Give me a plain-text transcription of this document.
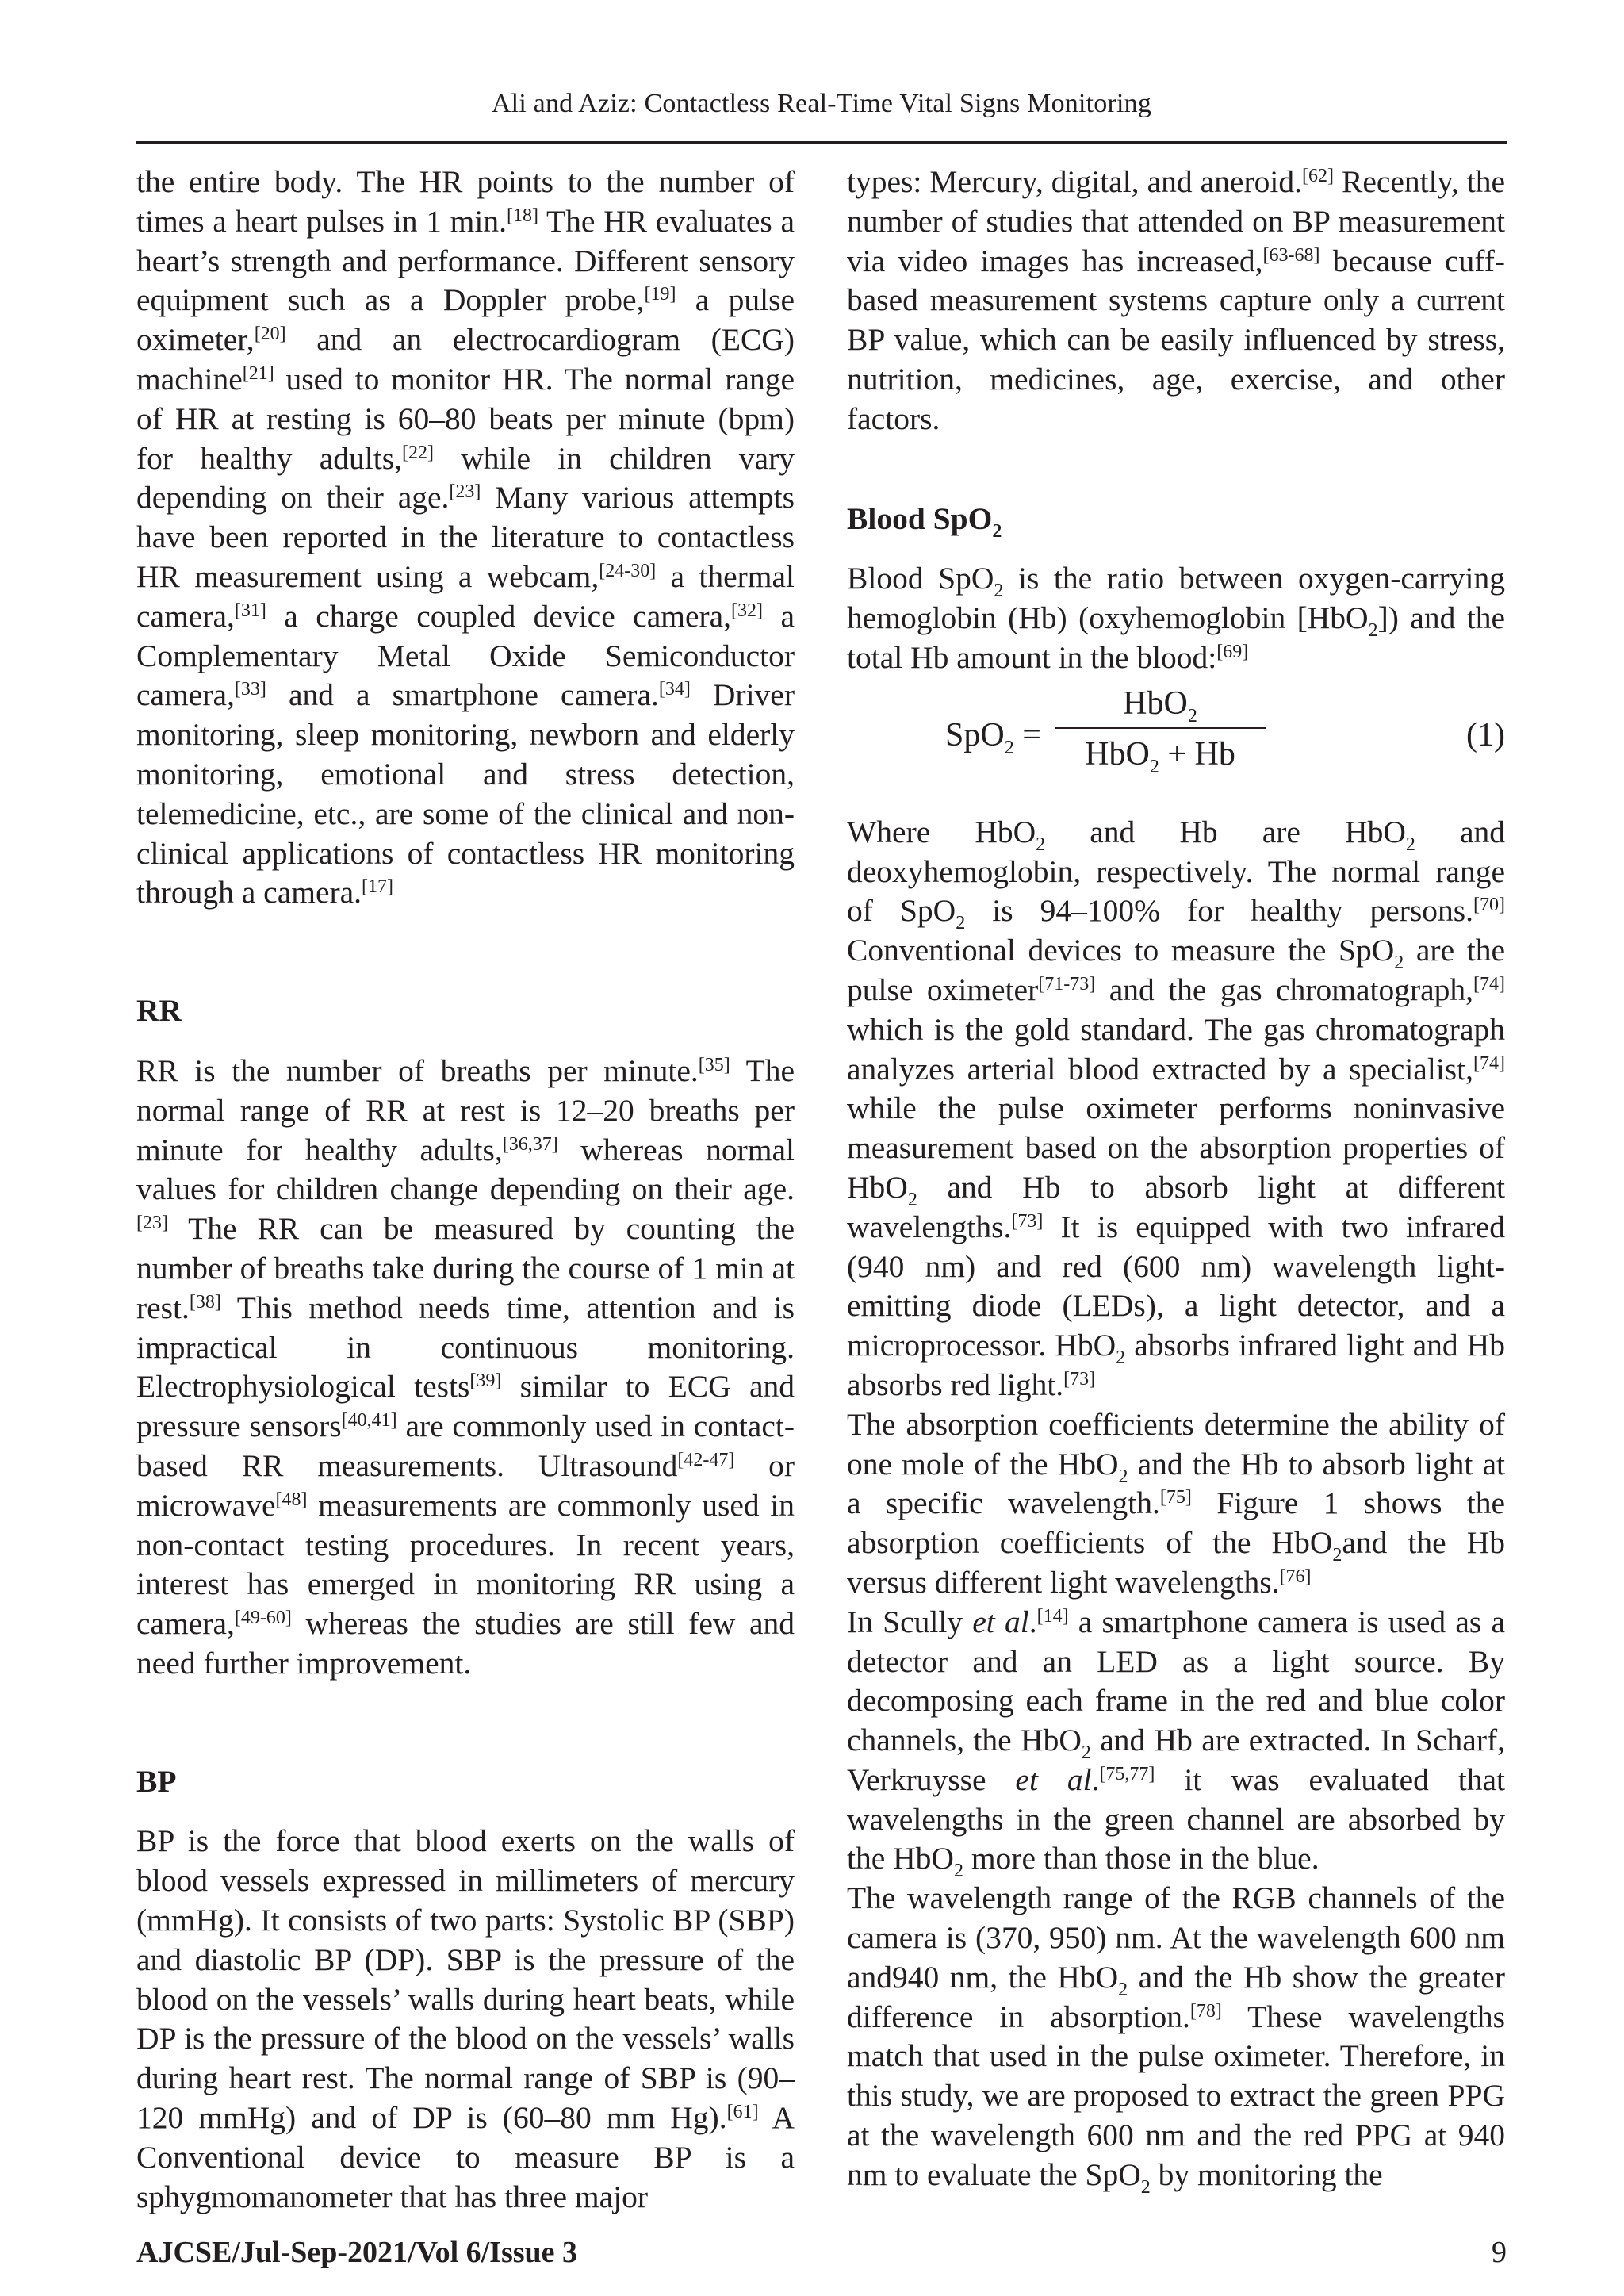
Ali and Aziz: Contactless Real-Time Vital Signs Monitoring

the entire body. The HR points to the number of times a heart pulses in 1 min.[18] The HR evaluates a heart’s strength and performance. Different sensory equipment such as a Doppler probe,[19] a pulse oximeter,[20] and an electrocardiogram (ECG) machine[21] used to monitor HR. The normal range of HR at resting is 60–80 beats per minute (bpm) for healthy adults,[22] while in children vary depending on their age.[23] Many various attempts have been reported in the literature to contactless HR measurement using a webcam,[24-30] a thermal camera,[31] a charge coupled device camera,[32] a Complementary Metal Oxide Semiconductor camera,[33] and a smartphone camera.[34] Driver monitoring, sleep monitoring, newborn and elderly monitoring, emotional and stress detection, telemedicine, etc., are some of the clinical and non-clinical applications of contactless HR monitoring through a camera.[17]

RR

RR is the number of breaths per minute.[35] The normal range of RR at rest is 12–20 breaths per minute for healthy adults,[36,37] whereas normal values for children change depending on their age.[23] The RR can be measured by counting the number of breaths take during the course of 1 min at rest.[38] This method needs time, attention and is impractical in continuous monitoring. Electrophysiological tests[39] similar to ECG and pressure sensors[40,41] are commonly used in contact-based RR measurements. Ultrasound[42-47] or microwave[48] measurements are commonly used in non-contact testing procedures. In recent years, interest has emerged in monitoring RR using a camera,[49-60] whereas the studies are still few and need further improvement.

BP

BP is the force that blood exerts on the walls of blood vessels expressed in millimeters of mercury (mmHg). It consists of two parts: Systolic BP (SBP) and diastolic BP (DP). SBP is the pressure of the blood on the vessels’ walls during heart beats, while DP is the pressure of the blood on the vessels’ walls during heart rest. The normal range of SBP is (90–120 mmHg) and of DP is (60–80 mm Hg).[61] A Conventional device to measure BP is a sphygmomanometer that has three major

types: Mercury, digital, and aneroid.[62] Recently, the number of studies that attended on BP measurement via video images has increased,[63-68] because cuff-based measurement systems capture only a current BP value, which can be easily influenced by stress, nutrition, medicines, age, exercise, and other factors.

Blood SpO$_2$

Blood SpO$_2$ is the ratio between oxygen-carrying hemoglobin (Hb) (oxyhemoglobin [HbO$_2$]) and the total Hb amount in the blood:[69]

SpO$_2$ =
HbO$_2$
HbO$_2$ + Hb
(1)

Where HbO$_2$ and Hb are HbO$_2$ and deoxyhemoglobin, respectively. The normal range of SpO$_2$ is 94–100% for healthy persons.[70] Conventional devices to measure the SpO$_2$ are the pulse oximeter[71-73] and the gas chromatograph,[74] which is the gold standard. The gas chromatograph analyzes arterial blood extracted by a specialist,[74] while the pulse oximeter performs noninvasive measurement based on the absorption properties of HbO$_2$ and Hb to absorb light at different wavelengths.[73] It is equipped with two infrared (940 nm) and red (600 nm) wavelength light-emitting diode (LEDs), a light detector, and a microprocessor. HbO$_2$ absorbs infrared light and Hb absorbs red light.[73]

The absorption coefficients determine the ability of one mole of the HbO$_2$ and the Hb to absorb light at a specific wavelength.[75] Figure 1 shows the absorption coefficients of the HbO$_2$and the Hb versus different light wavelengths.[76]

In Scully et al.[14] a smartphone camera is used as a detector and an LED as a light source. By decomposing each frame in the red and blue color channels, the HbO$_2$ and Hb are extracted. In Scharf, Verkruysse et al.[75,77] it was evaluated that wavelengths in the green channel are absorbed by the HbO$_2$ more than those in the blue.

The wavelength range of the RGB channels of the camera is (370, 950) nm. At the wavelength 600 nm and940 nm, the HbO$_2$ and the Hb show the greater difference in absorption.[78] These wavelengths match that used in the pulse oximeter. Therefore, in this study, we are proposed to extract the green PPG at the wavelength 600 nm and the red PPG at 940 nm to evaluate the SpO$_2$ by monitoring the

AJCSE/Jul-Sep-2021/Vol 6/Issue 3	9
